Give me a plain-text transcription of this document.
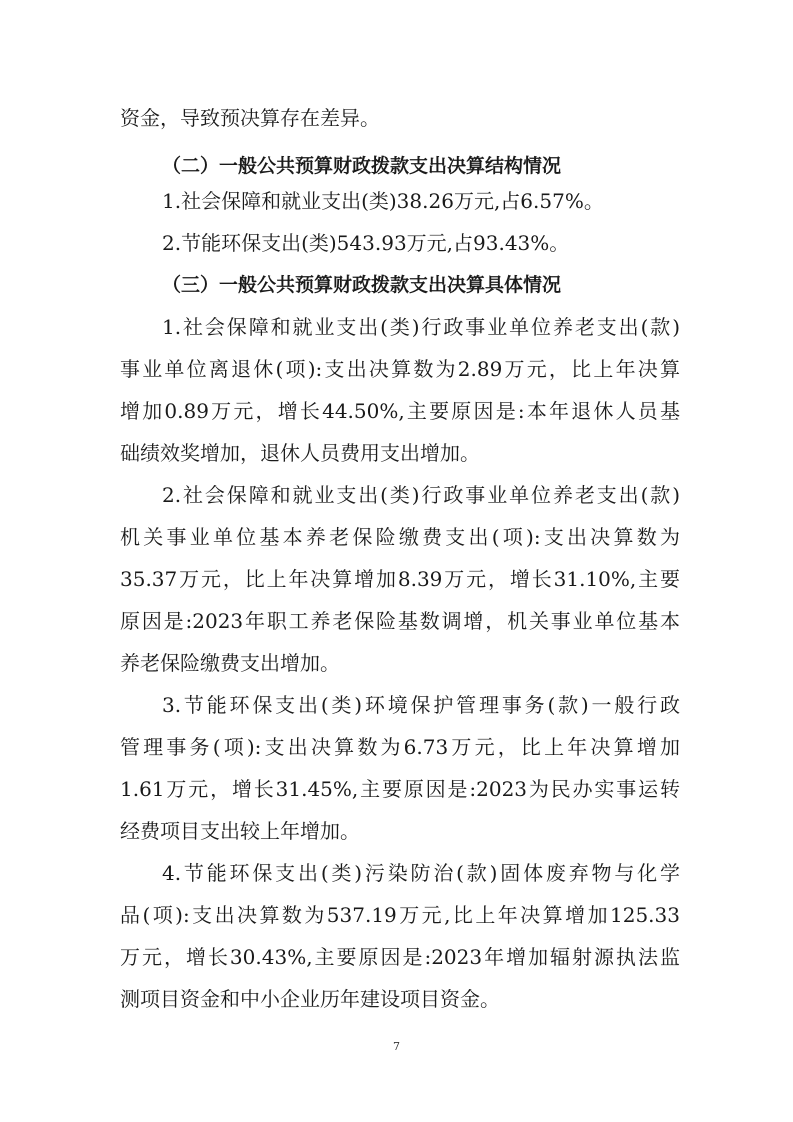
资金，导致预决算存在差异。
（二）一般公共预算财政拨款支出决算结构情况
1.社会保障和就业支出(类)38.26万元,占6.57%。
2.节能环保支出(类)543.93万元,占93.43%。
（三）一般公共预算财政拨款支出决算具体情况
1.社会保障和就业支出(类)行政事业单位养老支出(款)
事业单位离退休(项):支出决算数为2.89万元，比上年决算
增加0.89万元，增长44.50%,主要原因是:本年退休人员基
础绩效奖增加，退休人员费用支出增加。
2.社会保障和就业支出(类)行政事业单位养老支出(款)
机关事业单位基本养老保险缴费支出(项):支出决算数为
35.37万元，比上年决算增加8.39万元，增长31.10%,主要
原因是:2023年职工养老保险基数调增，机关事业单位基本
养老保险缴费支出增加。
3.节能环保支出(类)环境保护管理事务(款)一般行政
管理事务(项):支出决算数为6.73万元，比上年决算增加
1.61万元，增长31.45%,主要原因是:2023为民办实事运转
经费项目支出较上年增加。
4.节能环保支出(类)污染防治(款)固体废弃物与化学
品(项):支出决算数为537.19万元,比上年决算增加125.33
万元，增长30.43%,主要原因是:2023年增加辐射源执法监
测项目资金和中小企业历年建设项目资金。
7
